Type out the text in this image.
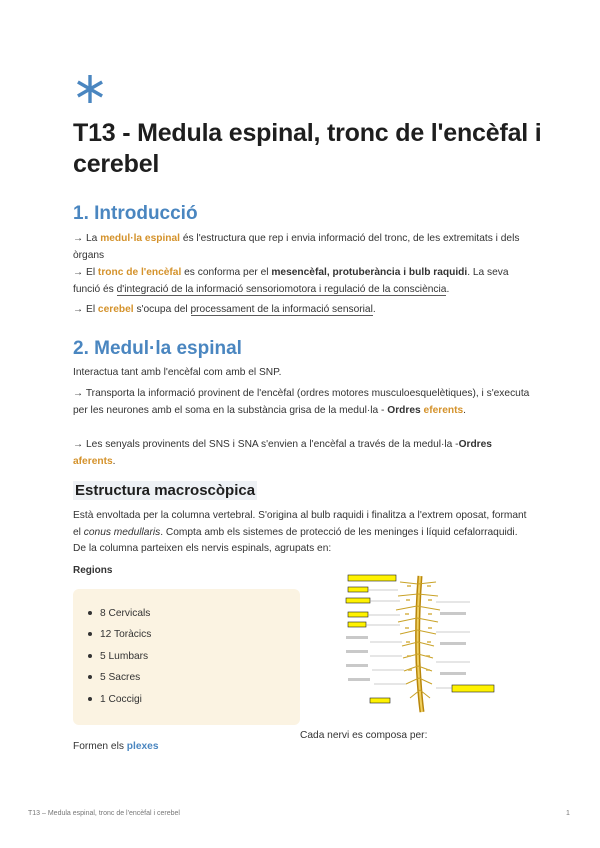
T13 - Medula espinal, tronc de l'encèfal i cerebel
1. Introducció

→ La medul·la espinal és l'estructura que rep i envia informació del tronc, de les extremitats i dels òrgans

→ El tronc de l'encèfal es conforma per el mesencèfal, protuberància i bulb raquidi. La seva funció és d'integració de la informació sensoriomotora i regulació de la consciència.

→ El cerebel s'ocupa del processament de la informació sensorial.

2. Medul·la espinal

Interactua tant amb l'encèfal com amb el SNP.

→ Transporta la informació provinent de l'encèfal (ordres motores musculoesquelètiques), i s'executa per les neurones amb el soma en la substància grisa de la medul·la - Ordres eferents.

→ Les senyals provinents del SNS i SNA s'envien a l'encèfal a través de la medul·la -Ordres aferents.

Estructura macroscòpica

Està envoltada per la columna vertebral. S'origina al bulb raquidi i finalitza a l'extrem oposat, formant el conus medullaris. Compta amb els sistemes de protecció de les meninges i líquid cefalorraquidi. De la columna parteixen els nervis espinals, agrupats en:

Regions
8 Cervicals
12 Toràcics
5 Lumbars
5 Sacres
1 Coccigi

Formen els plexes

Cada nervi es composa per:
T13 – Medula espinal, tronc de l'encèfal i cerebel	1
